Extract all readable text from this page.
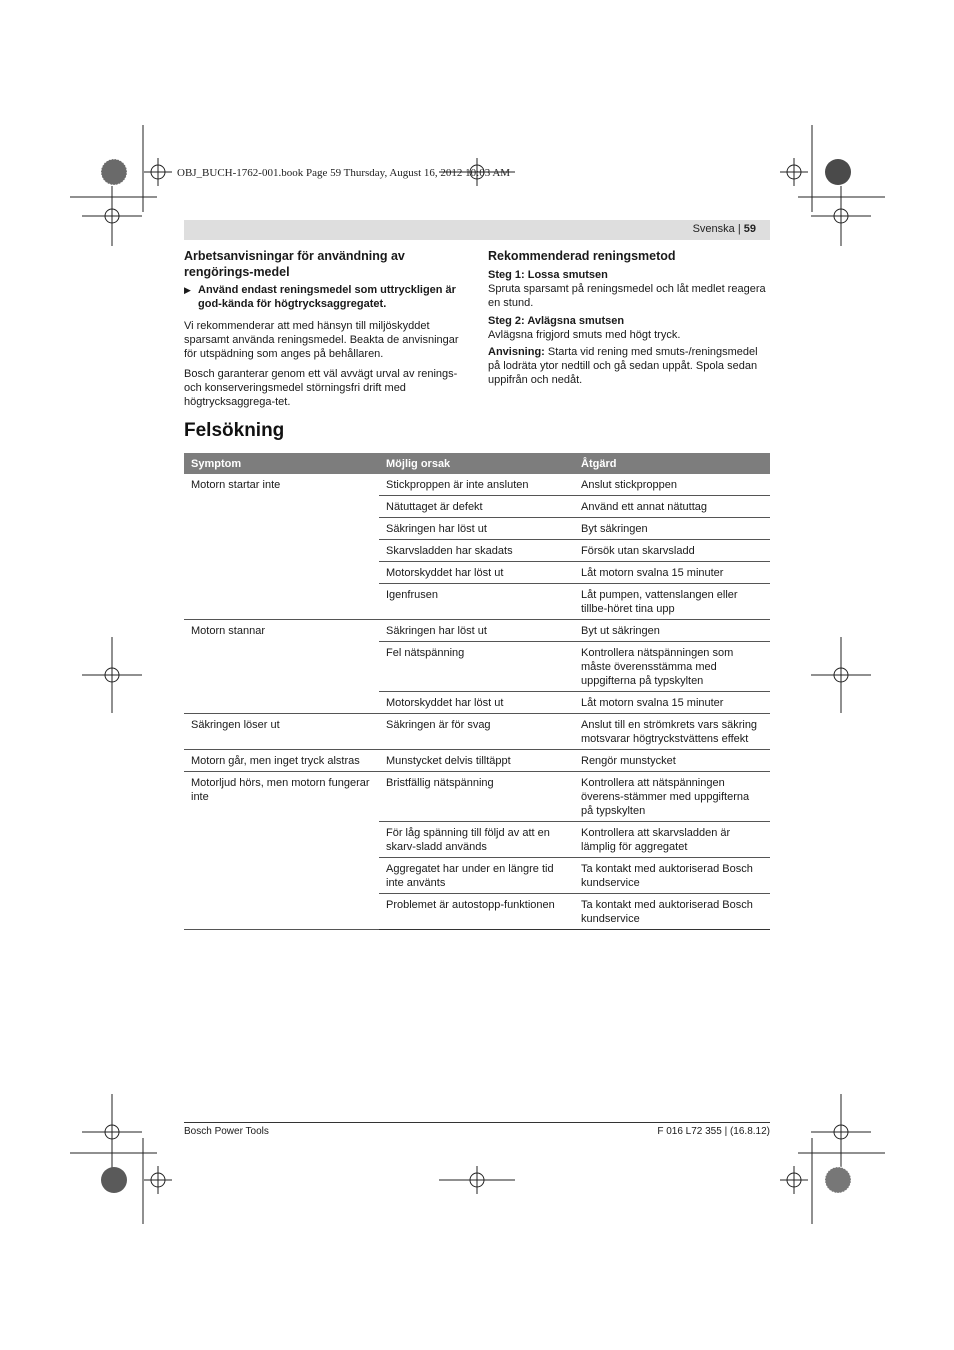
OBJ_BUCH-1762-001.book Page 59 Thursday, August 16, 2012 10:03 AM
Svenska | 59
Arbetsanvisningar för användning av rengörings-medel
▶ Använd endast reningsmedel som uttryckligen är god-kända för högtrycksaggregatet.
Vi rekommenderar att med hänsyn till miljöskyddet sparsamt använda reningsmedel. Beakta de anvisningar för utspädning som anges på behållaren.
Bosch garanterar genom ett väl avvägt urval av renings- och konserveringsmedel störningsfri drift med högtrycksaggrega-tet.
Rekommenderad reningsmetod
Steg 1: Lossa smutsen
Spruta sparsamt på reningsmedel och låt medlet reagera en stund.
Steg 2: Avlägsna smutsen
Avlägsna frigjord smuts med högt tryck.
Anvisning: Starta vid rening med smuts-/reningsmedel på lodräta ytor nedtill och gå sedan uppåt. Spola sedan uppifrån och nedåt.
Felsökning
Symptom	Möjlig orsak	Åtgärd
Motorn startar inte	Stickproppen är inte ansluten	Anslut stickproppen
	Nätuttaget är defekt	Använd ett annat nätuttag
	Säkringen har löst ut	Byt säkringen
	Skarvsladden har skadats	Försök utan skarvsladd
	Motorskyddet har löst ut	Låt motorn svalna 15 minuter
	Igenfrusen	Låt pumpen, vattenslangen eller tillbe-höret tina upp
Motorn stannar	Säkringen har löst ut	Byt ut säkringen
	Fel nätspänning	Kontrollera nätspänningen som måste överensstämma med uppgifterna på typskylten
	Motorskyddet har löst ut	Låt motorn svalna 15 minuter
Säkringen löser ut	Säkringen är för svag	Anslut till en strömkrets vars säkring motsvarar högtryckstvättens effekt
Motorn går, men inget tryck alstras	Munstycket delvis tilltäppt	Rengör munstycket
Motorljud hörs, men motorn fungerar inte	Bristfällig nätspänning	Kontrollera att nätspänningen överens-stämmer med uppgifterna på typskylten
	För låg spänning till följd av att en skarv-sladd används	Kontrollera att skarvsladden är lämplig för aggregatet
	Aggregatet har under en längre tid inte använts	Ta kontakt med auktoriserad Bosch kundservice
	Problemet är autostopp-funktionen	Ta kontakt med auktoriserad Bosch kundservice
Bosch Power Tools	F 016 L72 355 | (16.8.12)
